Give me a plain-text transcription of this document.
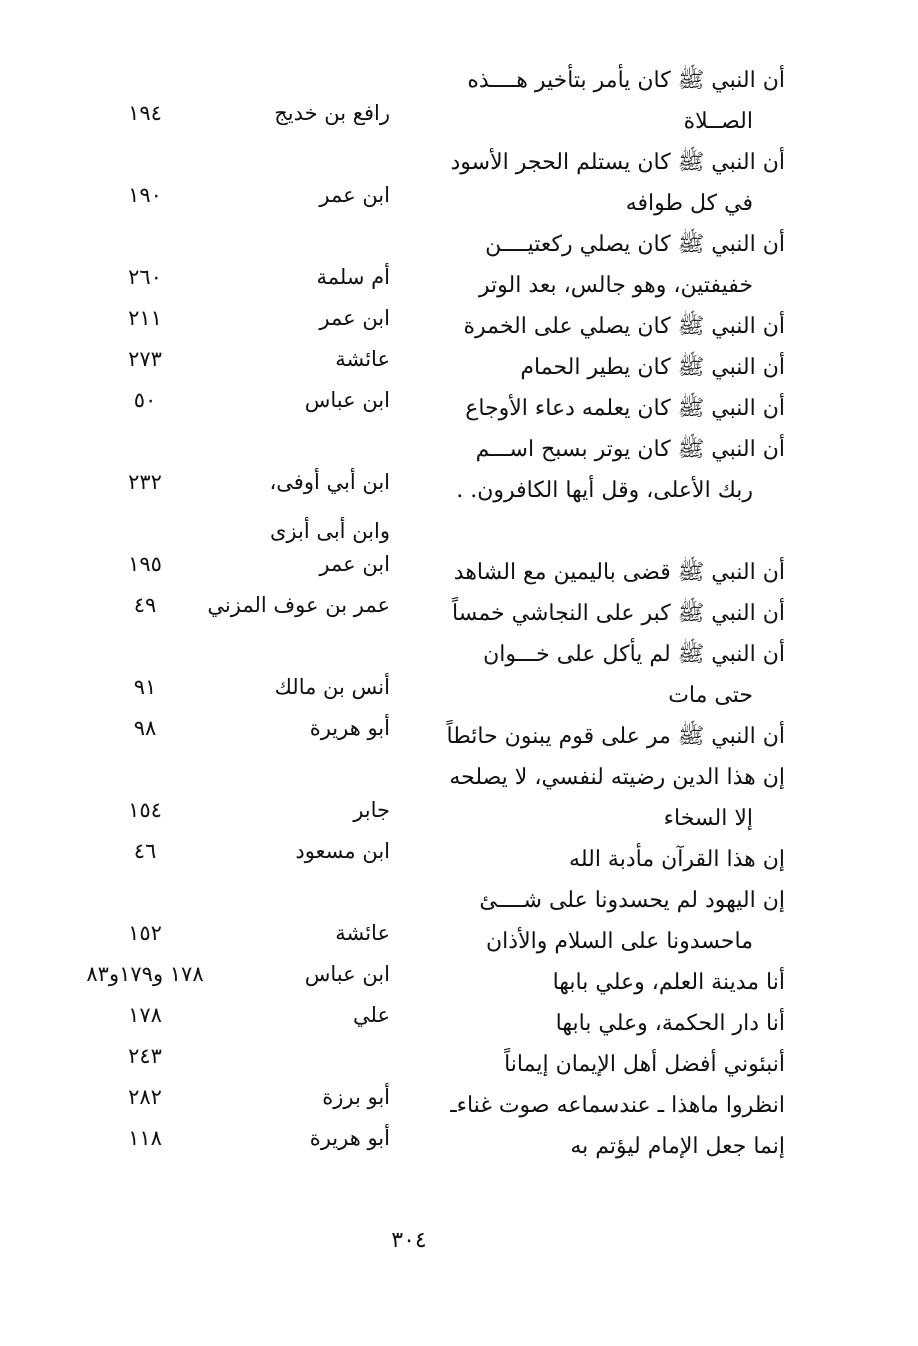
أن النبي ﷺ كان يأمر بتأخير هــــذه
الصــلاة
رافع بن خديج
١٩٤
أن النبي ﷺ كان يستلم الحجر الأسود
في كل طوافه
ابن عمر
١٩٠
أن النبي ﷺ كان يصلي ركعتيــــن
خفيفتين، وهو جالس، بعد الوتر
أم سلمة
٢٦٠
أن النبي ﷺ كان يصلي على الخمرة
ابن عمر
٢١١
أن النبي ﷺ كان يطير الحمام
عائشة
٢٧٣
أن النبي ﷺ كان يعلمه دعاء الأوجاع
ابن عباس
٥٠
أن النبي ﷺ كان يوتر بسبح اســـم
ربك الأعلى، وقل أيها الكافرون. .
ابن أبي أوفى،
٢٣٢
وابن أبى أبزى
أن النبي ﷺ قضى باليمين مع الشاهد
ابن عمر
١٩٥
أن النبي ﷺ كبر على النجاشي خمساً
عمر بن عوف المزني
٤٩
أن النبي ﷺ لم يأكل على خـــوان
حتى مات
أنس بن مالك
٩١
أن النبي ﷺ مر على قوم يبنون حائطاً
أبو هريرة
٩٨
إن هذا الدين رضيته لنفسي، لا يصلحه
إلا السخاء
جابر
١٥٤
إن هذا القرآن مأدبة الله
ابن مسعود
٤٦
إن اليهود لم يحسدونا على شــــئ
ماحسدونا على السلام والأذان
عائشة
١٥٢
أنا مدينة العلم، وعلي بابها
ابن عباس
١٧٨ و١٧٩و٨٣
أنا دار الحكمة، وعلي بابها
علي
١٧٨
أنبئوني أفضل أهل الإيمان إيماناً
٢٤٣
انظروا ماهذا ـ عندسماعه صوت غناءـ
أبو برزة
٢٨٢
إنما جعل الإمام ليؤتم به
أبو هريرة
١١٨
٣٠٤
